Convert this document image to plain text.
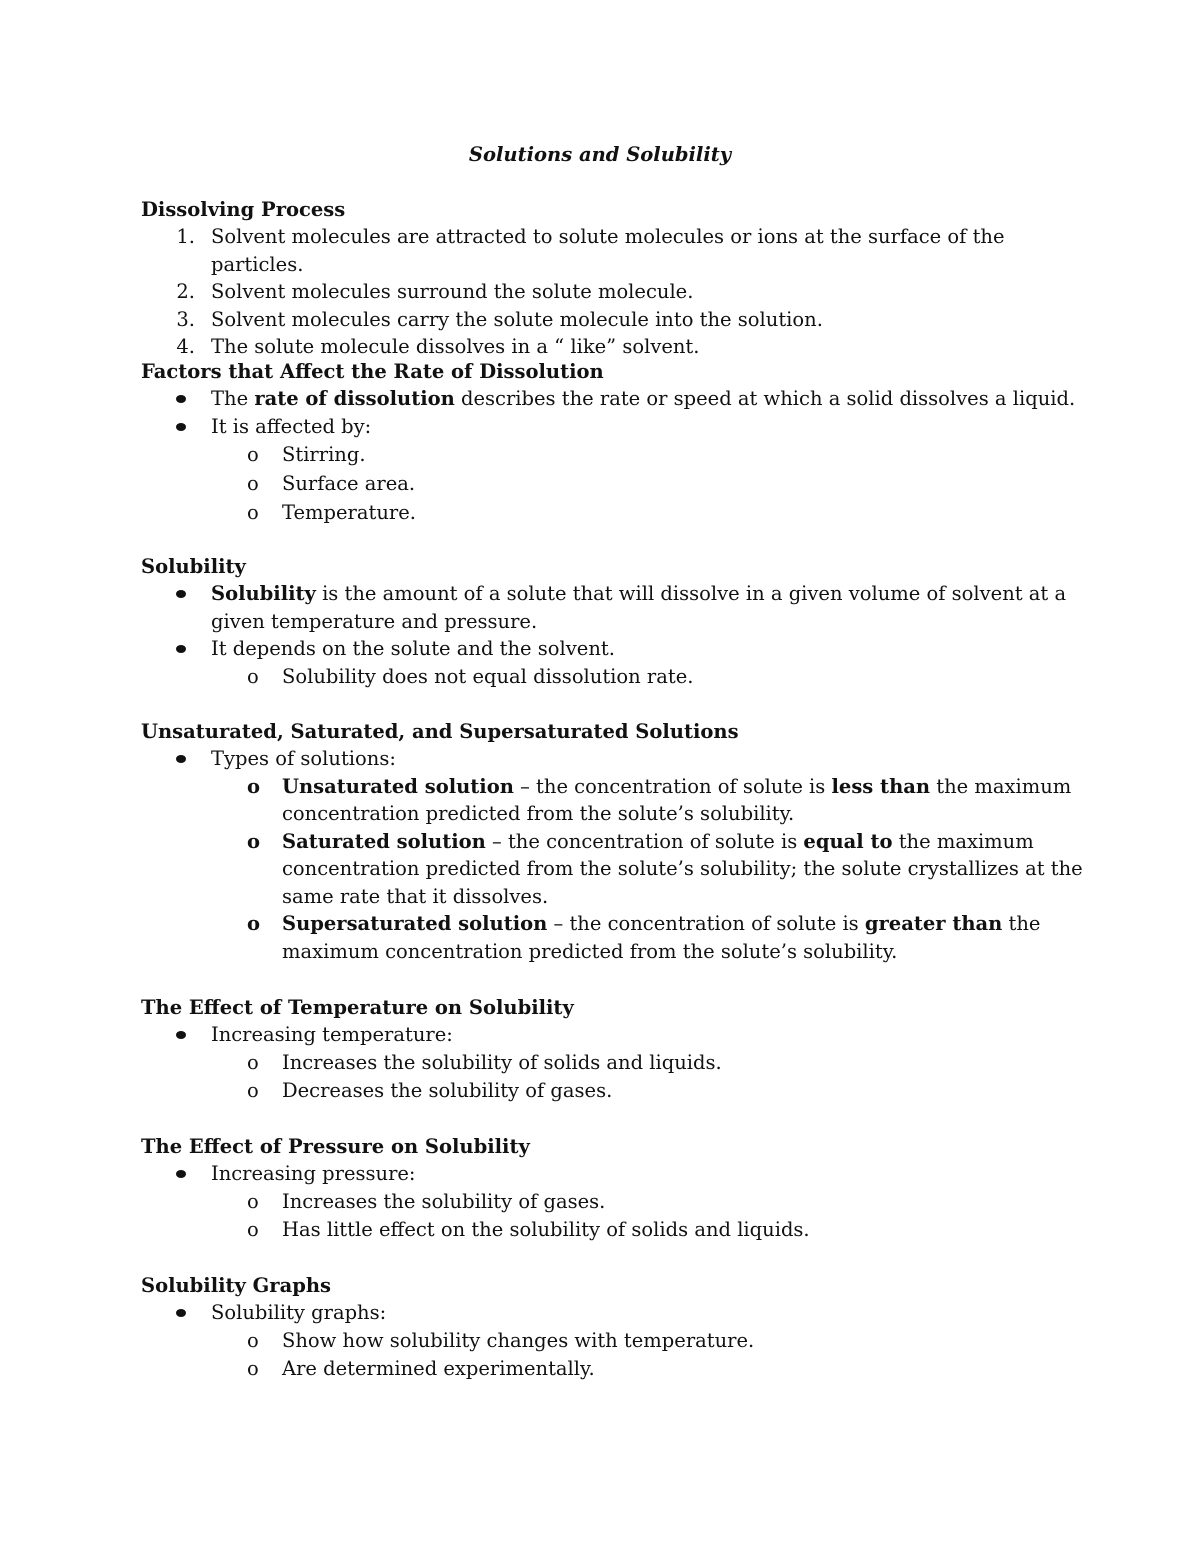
Solutions and Solubility
Dissolving Process
1. Solvent molecules are attracted to solute molecules or ions at the surface of the particles.
2. Solvent molecules surround the solute molecule.
3. Solvent molecules carry the solute molecule into the solution.
4. The solute molecule dissolves in a “ like” solvent.
Factors that Affect the Rate of Dissolution
The rate of dissolution describes the rate or speed at which a solid dissolves a liquid.
It is affected by:
o Stirring.
o Surface area.
o Temperature.
Solubility
Solubility is the amount of a solute that will dissolve in a given volume of solvent at a
given temperature and pressure.
It depends on the solute and the solvent.
o Solubility does not equal dissolution rate.
Unsaturated, Saturated, and Supersaturated Solutions
Types of solutions:
o Unsaturated solution – the concentration of solute is less than the maximum
concentration predicted from the solute’s solubility.
o Saturated solution – the concentration of solute is equal to the maximum
concentration predicted from the solute’s solubility; the solute crystallizes at the
same rate that it dissolves.
o Supersaturated solution – the concentration of solute is greater than the
maximum concentration predicted from the solute’s solubility.
The Effect of Temperature on Solubility
Increasing temperature:
o Increases the solubility of solids and liquids.
o Decreases the solubility of gases.
The Effect of Pressure on Solubility
Increasing pressure:
o Increases the solubility of gases.
o Has little effect on the solubility of solids and liquids.
Solubility Graphs
Solubility graphs:
o Show how solubility changes with temperature.
o Are determined experimentally.
